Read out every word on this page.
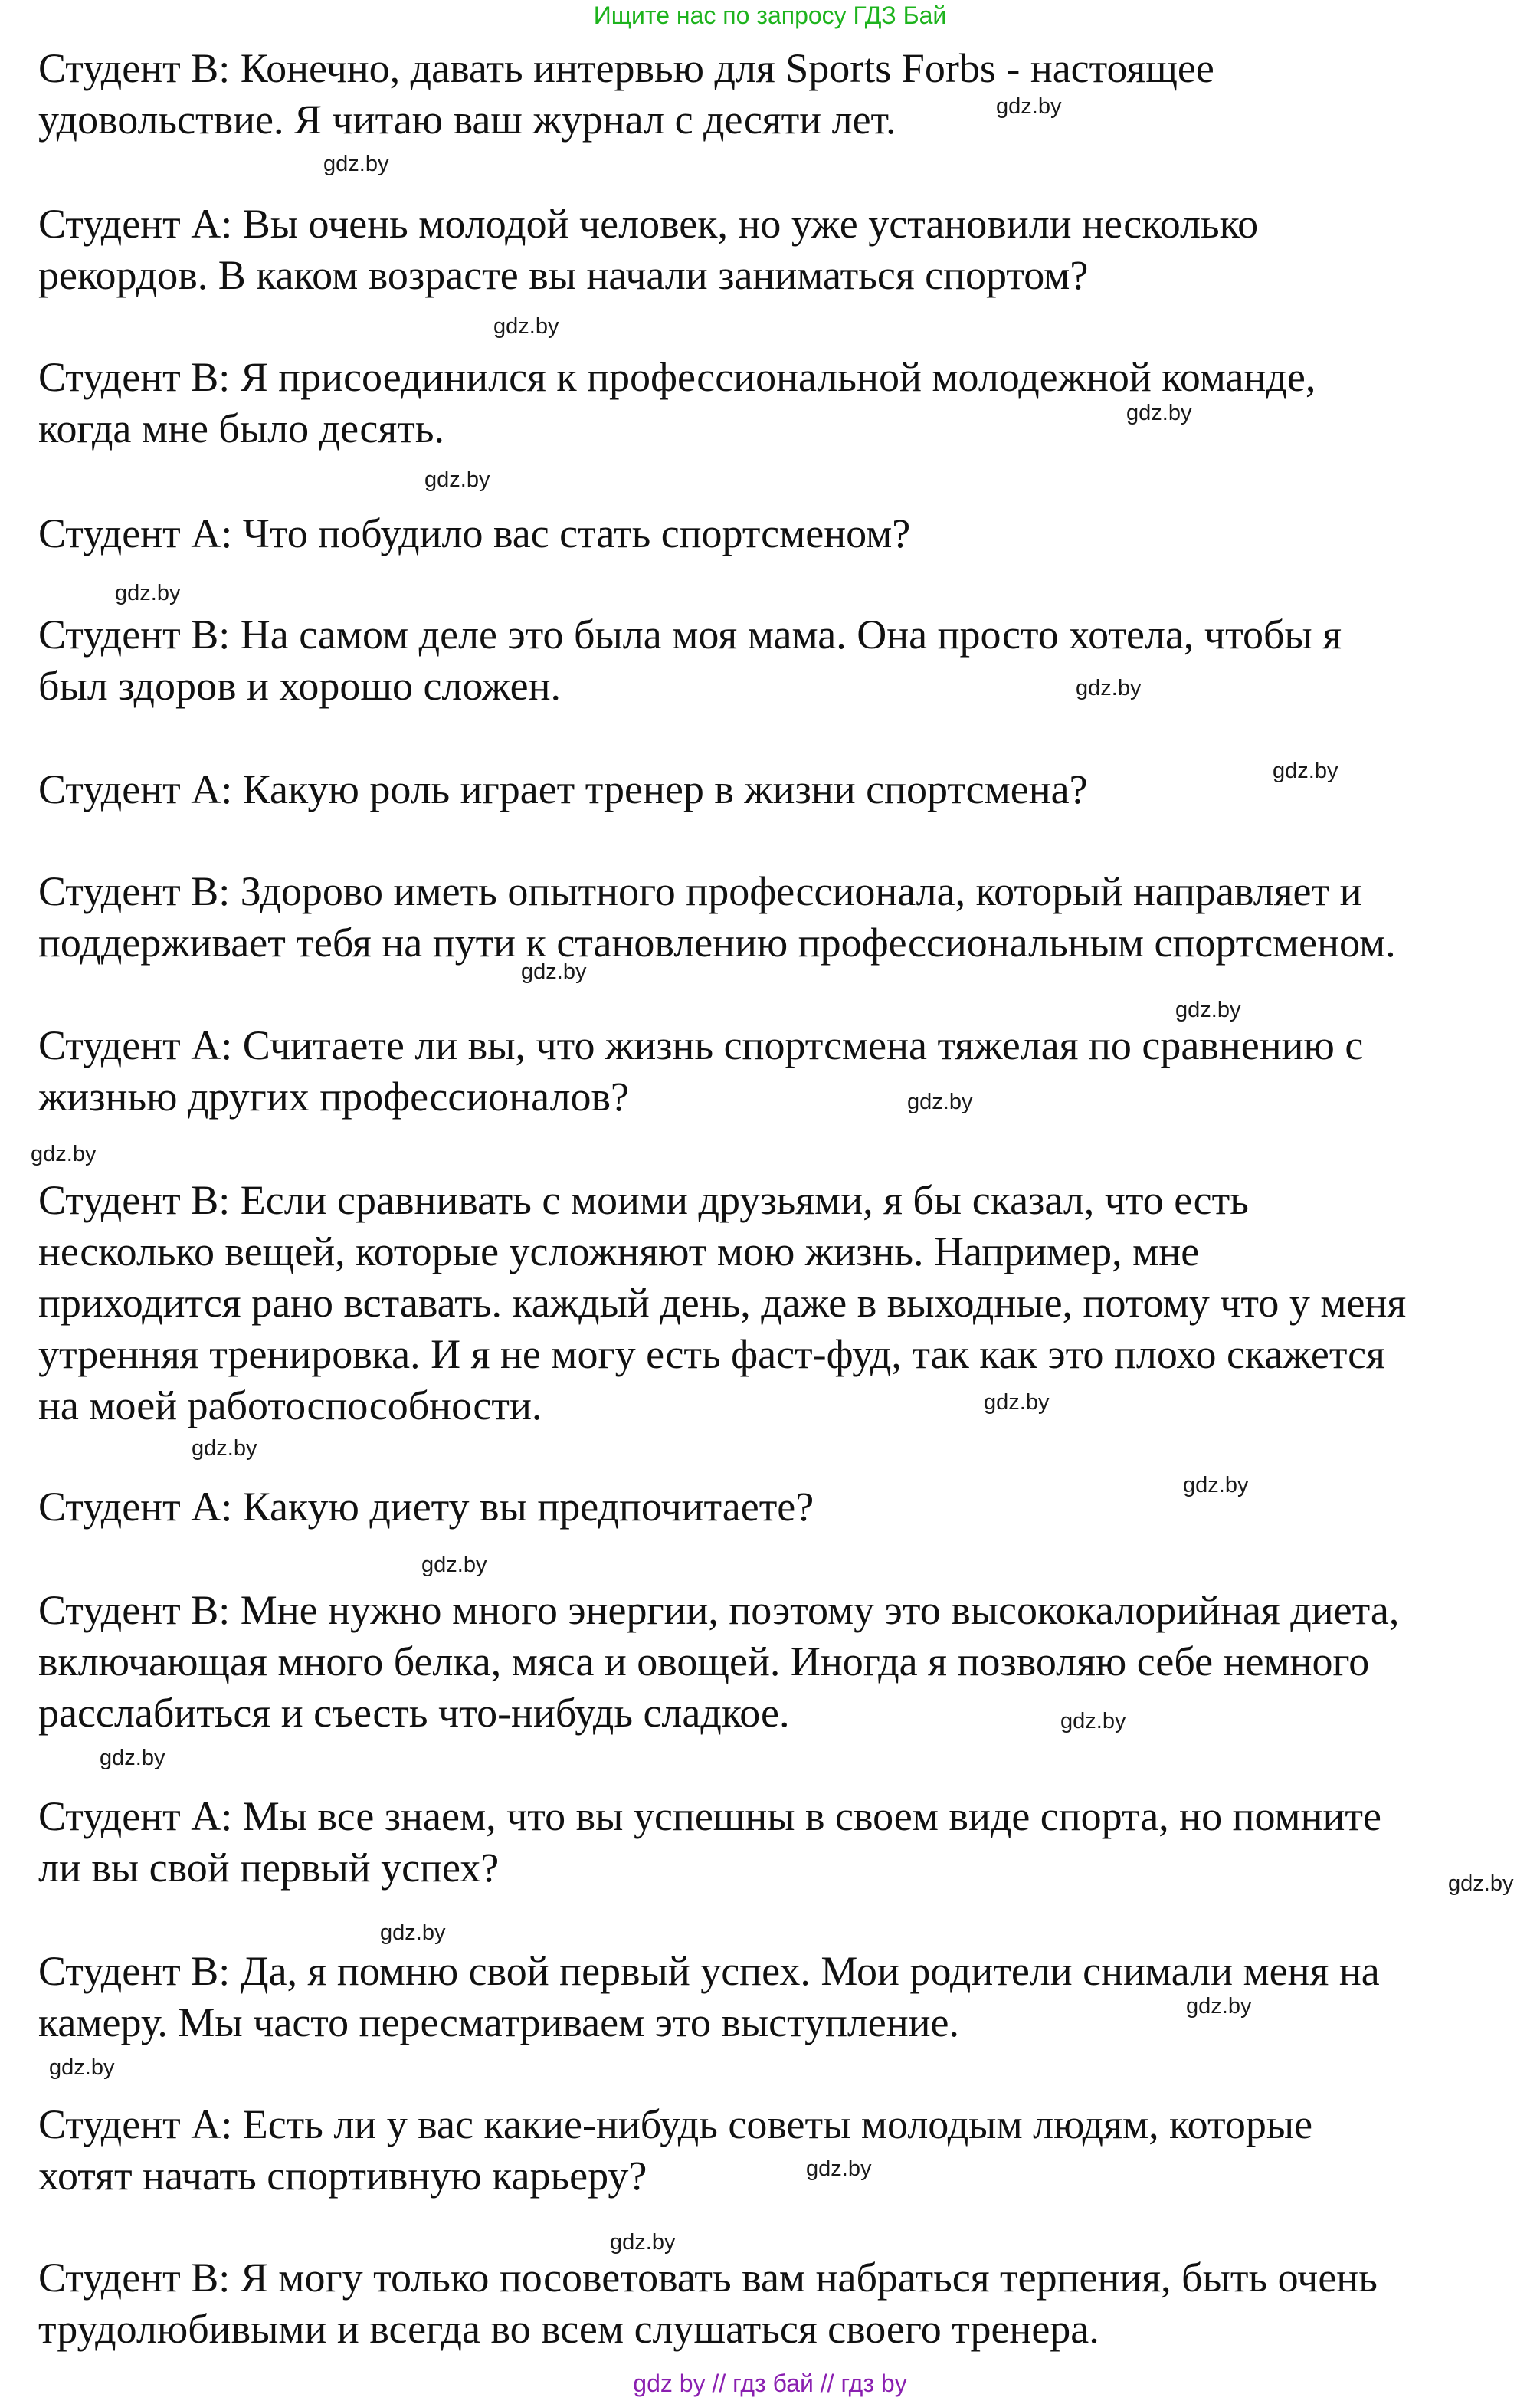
Ищите нас по запросу ГДЗ Бай
Студент B: Конечно, давать интервью для Sports Forbs - настоящее
удовольствие. Я читаю ваш журнал с десяти лет.
Студент A: Вы очень молодой человек, но уже установили несколько
рекордов. В каком возрасте вы начали заниматься спортом?
Студент B: Я присоединился к профессиональной молодежной команде,
когда мне было десять.
Студент A: Что побудило вас стать спортсменом?
Студент B: На самом деле это была моя мама. Она просто хотела, чтобы я
был здоров и хорошо сложен.
Студент A: Какую роль играет тренер в жизни спортсмена?
Студент B: Здорово иметь опытного профессионала, который направляет и
поддерживает тебя на пути к становлению профессиональным спортсменом.
Студент A: Считаете ли вы, что жизнь спортсмена тяжелая по сравнению с
жизнью других профессионалов?
Студент B: Если сравнивать с моими друзьями, я бы сказал, что есть
несколько вещей, которые усложняют мою жизнь. Например, мне
приходится рано вставать. каждый день, даже в выходные, потому что у меня
утренняя тренировка. И я не могу есть фаст-фуд, так как это плохо скажется
на моей работоспособности.
Студент A: Какую диету вы предпочитаете?
Студент B: Мне нужно много энергии, поэтому это высококалорийная диета,
включающая много белка, мяса и овощей. Иногда я позволяю себе немного
расслабиться и съесть что-нибудь сладкое.
Студент A: Мы все знаем, что вы успешны в своем виде спорта, но помните
ли вы свой первый успех?
Студент B: Да, я помню свой первый успех. Мои родители снимали меня на
камеру. Мы часто пересматриваем это выступление.
Студент A: Есть ли у вас какие-нибудь советы молодым людям, которые
хотят начать спортивную карьеру?
Студент B: Я могу только посоветовать вам набраться терпения, быть очень
трудолюбивыми и всегда во всем слушаться своего тренера.
gdz.by
gdz.by
gdz.by
gdz.by
gdz.by
gdz.by
gdz.by
gdz.by
gdz.by
gdz.by
gdz.by
gdz.by
gdz.by
gdz.by
gdz.by
gdz.by
gdz.by
gdz.by
gdz.by
gdz.by
gdz.by
gdz.by
gdz.by
gdz.by
gdz by // гдз бай // гдз by
